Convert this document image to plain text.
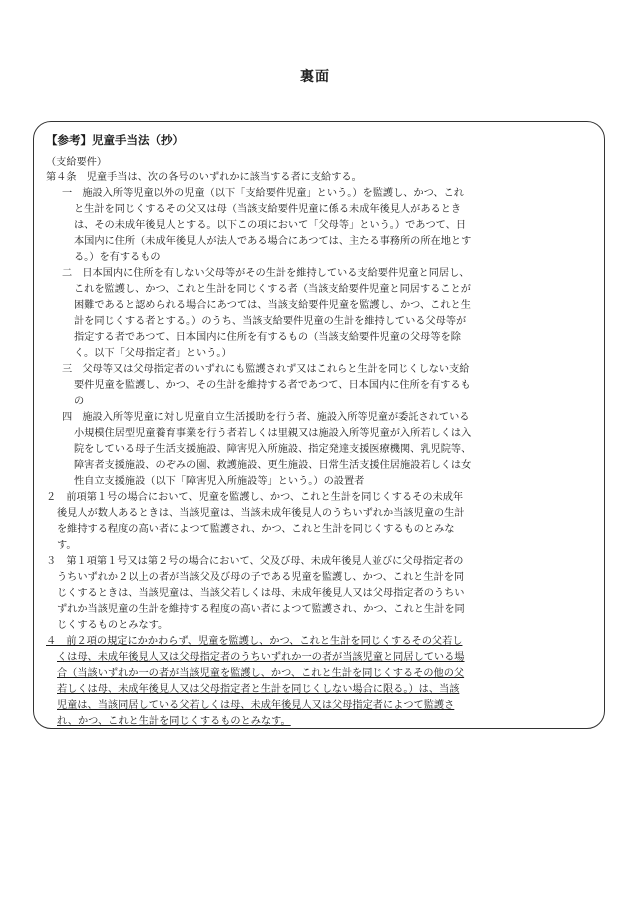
裏面
【参考】児童手当法（抄）
（支給要件）
第４条　児童手当は、次の各号のいずれかに該当する者に支給する。
一　施設入所等児童以外の児童（以下「支給要件児童」という。）を監護し、かつ、これ
と生計を同じくするその父又は母（当該支給要件児童に係る未成年後見人があるとき
は、その未成年後見人とする。以下この項において「父母等」という。）であつて、日
本国内に住所（未成年後見人が法人である場合にあつては、主たる事務所の所在地とす
る。）を有するもの
二　日本国内に住所を有しない父母等がその生計を維持している支給要件児童と同居し、
これを監護し、かつ、これと生計を同じくする者（当該支給要件児童と同居することが
困難であると認められる場合にあつては、当該支給要件児童を監護し、かつ、これと生
計を同じくする者とする。）のうち、当該支給要件児童の生計を維持している父母等が
指定する者であつて、日本国内に住所を有するもの（当該支給要件児童の父母等を除
く。以下「父母指定者」という。）
三　父母等又は父母指定者のいずれにも監護されず又はこれらと生計を同じくしない支給
要件児童を監護し、かつ、その生計を維持する者であつて、日本国内に住所を有するも
の
四　施設入所等児童に対し児童自立生活援助を行う者、施設入所等児童が委託されている
小規模住居型児童養育事業を行う者若しくは里親又は施設入所等児童が入所若しくは入
院をしている母子生活支援施設、障害児入所施設、指定発達支援医療機関、乳児院等、
障害者支援施設、のぞみの園、救護施設、更生施設、日常生活支援住居施設若しくは女
性自立支援施設（以下「障害児入所施設等」という。）の設置者
２　前項第１号の場合において、児童を監護し、かつ、これと生計を同じくするその未成年
後見人が数人あるときは、当該児童は、当該未成年後見人のうちいずれか当該児童の生計
を維持する程度の高い者によつて監護され、かつ、これと生計を同じくするものとみな
す。
３　第１項第１号又は第２号の場合において、父及び母、未成年後見人並びに父母指定者の
うちいずれか２以上の者が当該父及び母の子である児童を監護し、かつ、これと生計を同
じくするときは、当該児童は、当該父若しくは母、未成年後見人又は父母指定者のうちい
ずれか当該児童の生計を維持する程度の高い者によつて監護され、かつ、これと生計を同
じくするものとみなす。
４　前２項の規定にかかわらず、児童を監護し、かつ、これと生計を同じくするその父若し
くは母、未成年後見人又は父母指定者のうちいずれか一の者が当該児童と同居している場
合（当該いずれか一の者が当該児童を監護し、かつ、これと生計を同じくするその他の父
若しくは母、未成年後見人又は父母指定者と生計を同じくしない場合に限る。）は、当該
児童は、当該同居している父若しくは母、未成年後見人又は父母指定者によつて監護さ
れ、かつ、これと生計を同じくするものとみなす。
